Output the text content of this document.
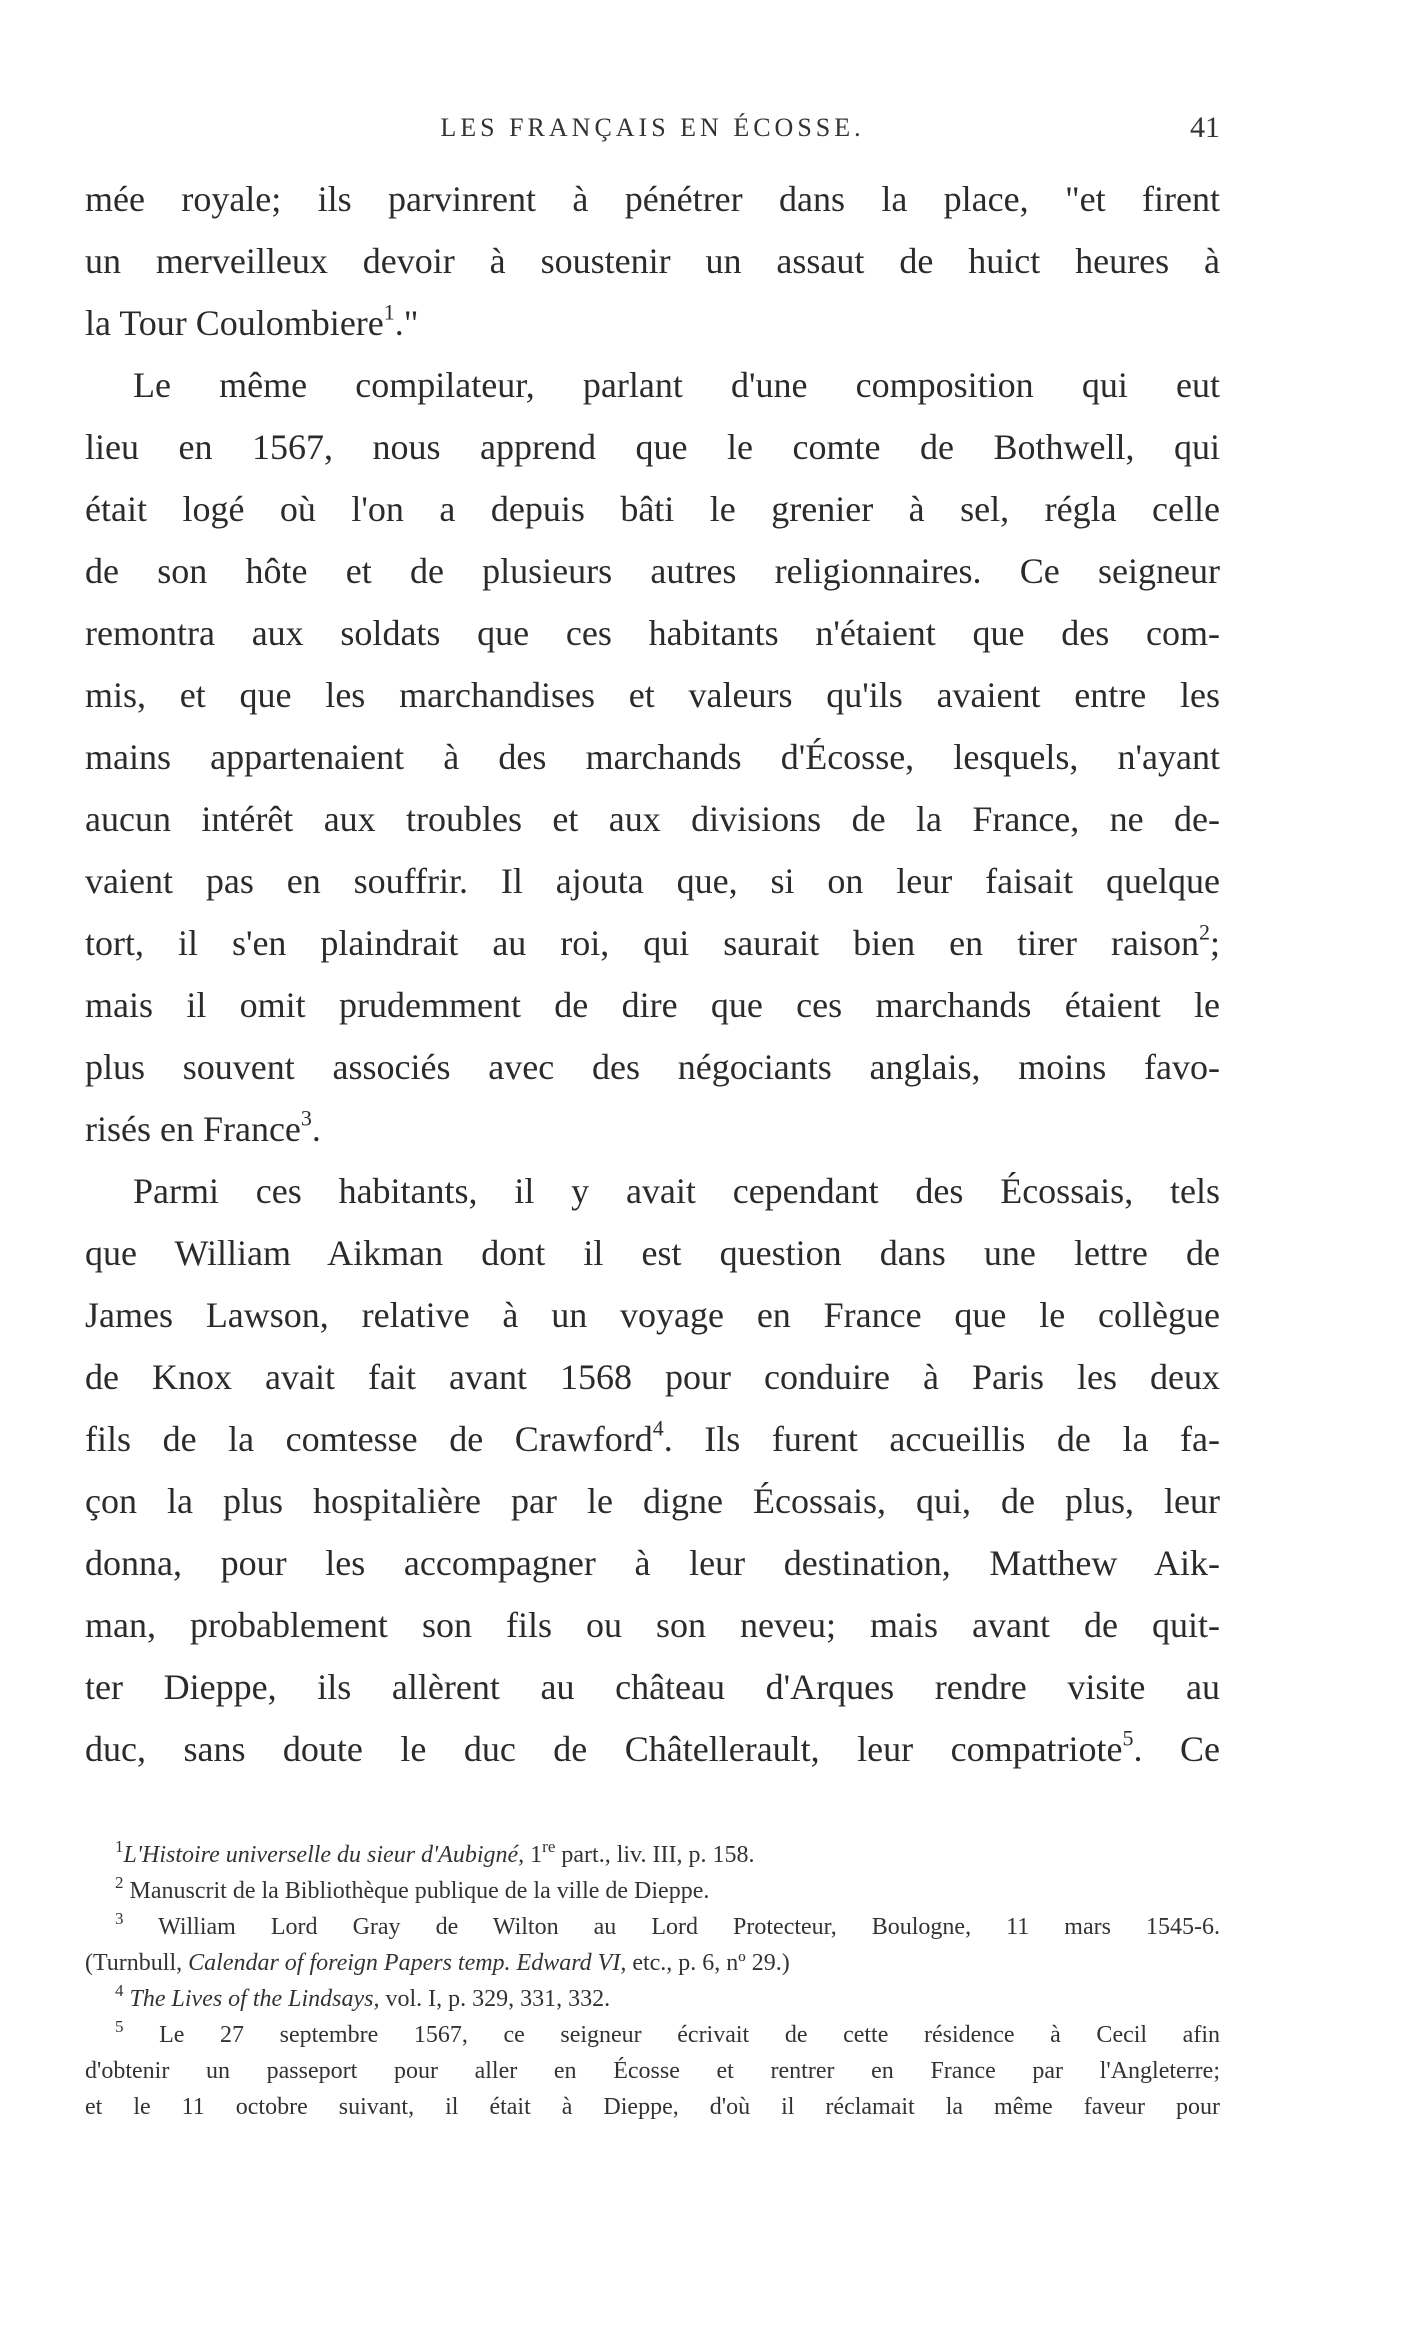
LES FRANÇAIS EN ÉCOSSE.	41
mée royale; ils parvinrent à pénétrer dans la place, "et firent
un merveilleux devoir à soustenir un assaut de huict heures à
la Tour Coulombiere$^1$."
Le même compilateur, parlant d'une composition qui eut
lieu en 1567, nous apprend que le comte de Bothwell, qui
était logé où l'on a depuis bâti le grenier à sel, régla celle
de son hôte et de plusieurs autres religionnaires. Ce seigneur
remontra aux soldats que ces habitants n'étaient que des com-
mis, et que les marchandises et valeurs qu'ils avaient entre les
mains appartenaient à des marchands d'Écosse, lesquels, n'ayant
aucun intérêt aux troubles et aux divisions de la France, ne de-
vaient pas en souffrir. Il ajouta que, si on leur faisait quelque
tort, il s'en plaindrait au roi, qui saurait bien en tirer raison$^2$;
mais il omit prudemment de dire que ces marchands étaient le
plus souvent associés avec des négociants anglais, moins favo-
risés en France$^3$.
Parmi ces habitants, il y avait cependant des Écossais, tels
que William Aikman dont il est question dans une lettre de
James Lawson, relative à un voyage en France que le collègue
de Knox avait fait avant 1568 pour conduire à Paris les deux
fils de la comtesse de Crawford$^4$. Ils furent accueillis de la fa-
çon la plus hospitalière par le digne Écossais, qui, de plus, leur
donna, pour les accompagner à leur destination, Matthew Aik-
man, probablement son fils ou son neveu; mais avant de quit-
ter Dieppe, ils allèrent au château d'Arques rendre visite au
duc, sans doute le duc de Châtellerault, leur compatriote$^5$. Ce
$^1$L'Histoire universelle du sieur d'Aubigné, 1re part., liv. III, p. 158.
$^2$ Manuscrit de la Bibliothèque publique de la ville de Dieppe.
$^3$ William Lord Gray de Wilton au Lord Protecteur, Boulogne, 11 mars 1545-6.
(Turnbull, Calendar of foreign Papers temp. Edward VI, etc., p. 6, nº 29.)
$^4$ The Lives of the Lindsays, vol. I, p. 329, 331, 332.
$^5$ Le 27 septembre 1567, ce seigneur écrivait de cette résidence à Cecil afin
d'obtenir un passeport pour aller en Écosse et rentrer en France par l'Angleterre;
et le 11 octobre suivant, il était à Dieppe, d'où il réclamait la même faveur pour
